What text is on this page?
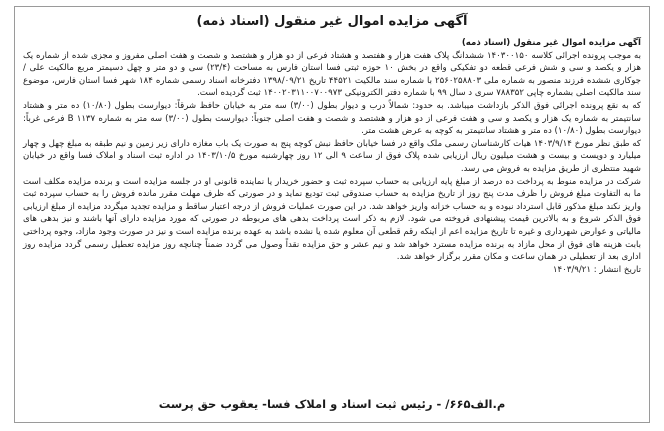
آگهی مزایده اموال غیر منقول (اسناد ذمه)
آگهی مزایده اموال غیر منقول (اسناد ذمه)

به موجب پرونده اجرائی کلاسه ۱۴۰۳۰۰۱۵۰ ششدانگ پلاک هفت هزار و هفتصد و هشتاد فرعی از دو هزار و هشتصد و شصت و هفت اصلی مفروز و مجزی شده از شماره یک هزار و یکصد و سی و شش فرعی قطعه دو تفکیکی واقع در بخش ۱۰ حوزه ثبتی فسا استان فارس به مساحت (۲۳/۴) سی و دو متر و چهل دسیمتر مربع مالکیت علی / جوکاری ششده فرزند منصور به شماره ملی ۲۵۶۰۲۵۸۸۰۳ با شماره سند مالکیت ۴۴۵۲۱ تاریخ ۱۳۹۸/۰۹/۲۱ دفترخانه اسناد رسمی شماره ۱۸۴ شهر فسا استان فارس، موضوع سند مالکیت اصلی بشماره چاپی ۷۸۸۳۵۲ سری د سال ۹۹ با شماره دفتر الکترونیکی ۱۴۰۰۲۰۳۱۱۰۰۷۰۰۹۷۳ ثبت گردیده است.

که به نقع پرونده اجرائی فوق الذکر بازداشت میباشد. به حدود: شمالاً درب و دیوار بطول (۳/۰۰) سه متر به خیابان حافظ شرقاً: دیوارست بطول (۱۰/۸۰) ده متر و هشتاد سانتیمتر به شماره یک هزار و یکصد و سی و هفت فرعی از دو هزار و هشتصد و شصت و هفت اصلی جنوباً: دیوارست بطول (۳/۰۰) سه متر به شماره ۱۱۳۷ B فرعی غرباً: دیوارست بطول (۱۰/۸۰) ده متر و هشتاد سانتیمتر به کوچه به عرض هشت متر.

که طبق نظر مورخ ۱۴۰۳/۹/۱۴ هیات کارشناسان رسمی ملک واقع در فسا خیابان حافظ نبش کوچه پنج به صورت یک باب مغازه دارای زیر زمین و نیم طبقه به مبلغ چهل و چهار میلیارد و دویست و بیست و هشت میلیون ریال ارزیابی شده پلاک فوق از ساعت ۹ الی ۱۲ روز چهارشنبه مورخ ۱۴۰۳/۱۰/۵ در اداره ثبت اسناد و املاک فسا واقع در خیابان شهید منتظری از طریق مزایده به فروش می رسد.

شرکت در مزایده منوط به پرداخت ده درصد از مبلغ پایه ارزیابی به حساب سپرده ثبت و حضور خریدار یا نماینده قانونی او در جلسه مزایده است و برنده مزایده مکلف است ما به التفاوت مبلغ فروش را ظرف مدت پنج روز از تاریخ مزایده به حساب صندوقی ثبت تودیع نماید و در صورتی که ظرف مهلت مقرر مانده فروش را به حساب سپرده ثبت واریز نکند مبلغ مذکور قابل استرداد نبوده و به حساب خزانه واریز خواهد شد. در این صورت عملیات فروش از درجه اعتبار ساقط و مزایده تجدید میگردد مزایده از مبلغ ارزیابی فوق الذکر شروع و به بالاترین قیمت پیشنهادی فروخته می شود. لازم به ذکر است پرداخت بدهی های مربوطه در صورتی که مورد مزایده دارای آنها باشند و نیز بدهی های مالیاتی و عوارض شهرداری و غیره تا تاریخ مزایده اعم از اینکه رقم قطعی آن معلوم شده یا نشده باشد به عهده برنده مزایده است و نیز در صورت وجود مازاد، وجوه پرداختی بابت هزینه های فوق از محل مازاد به برنده مزایده مسترد خواهد شد و نیم عشر و حق مزایده نقداً وصول می گردد ضمناً چنانچه روز مزایده تعطیل رسمی گردد مزایده روز اداری بعد از تعطیلی در همان ساعت و مکان مقرر برگزار خواهد شد.

تاریخ انتشار : ۱۴۰۳/۹/۲۱

/۶۶۵م.الف- رئیس ثبت اسناد و املاک فسا- یعقوب حق پرست
